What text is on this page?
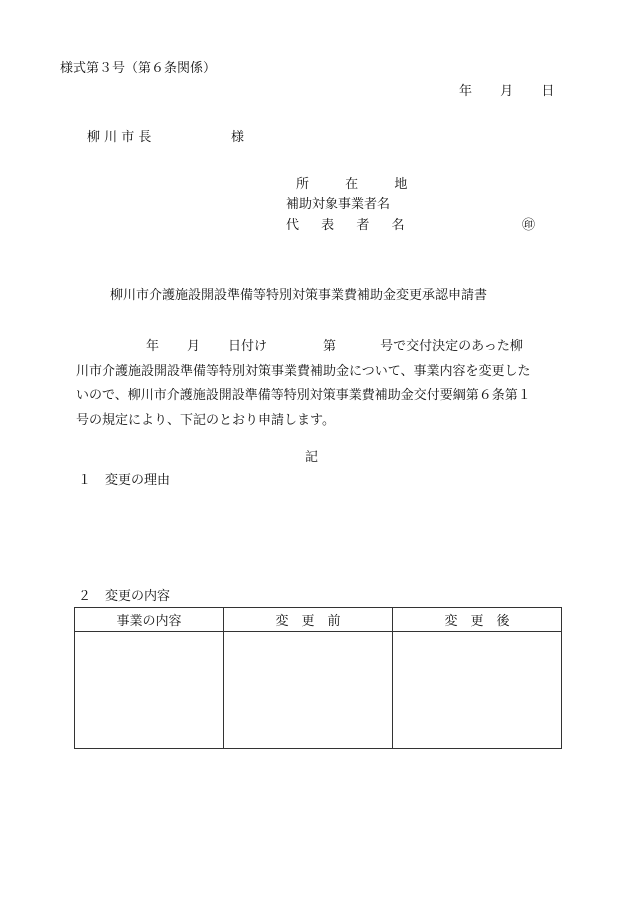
様式第３号（第６条関係）
年 月 日
柳 川 市 長	様
所	在	地
補助対象事業者名
代 表 者 名	㊞
柳川市介護施設開設準備等特別対策事業費補助金変更承認申請書
年 月 日付け	第	号で交付決定のあった柳
川市介護施設開設準備等特別対策事業費補助金について、事業内容を変更した
いので、柳川市介護施設開設準備等特別対策事業費補助金交付要綱第６条第１
号の規定により、下記のとおり申請します。
記
１ 変更の理由
２ 変更の内容
事業の内容	変　更　前	変　更　後
